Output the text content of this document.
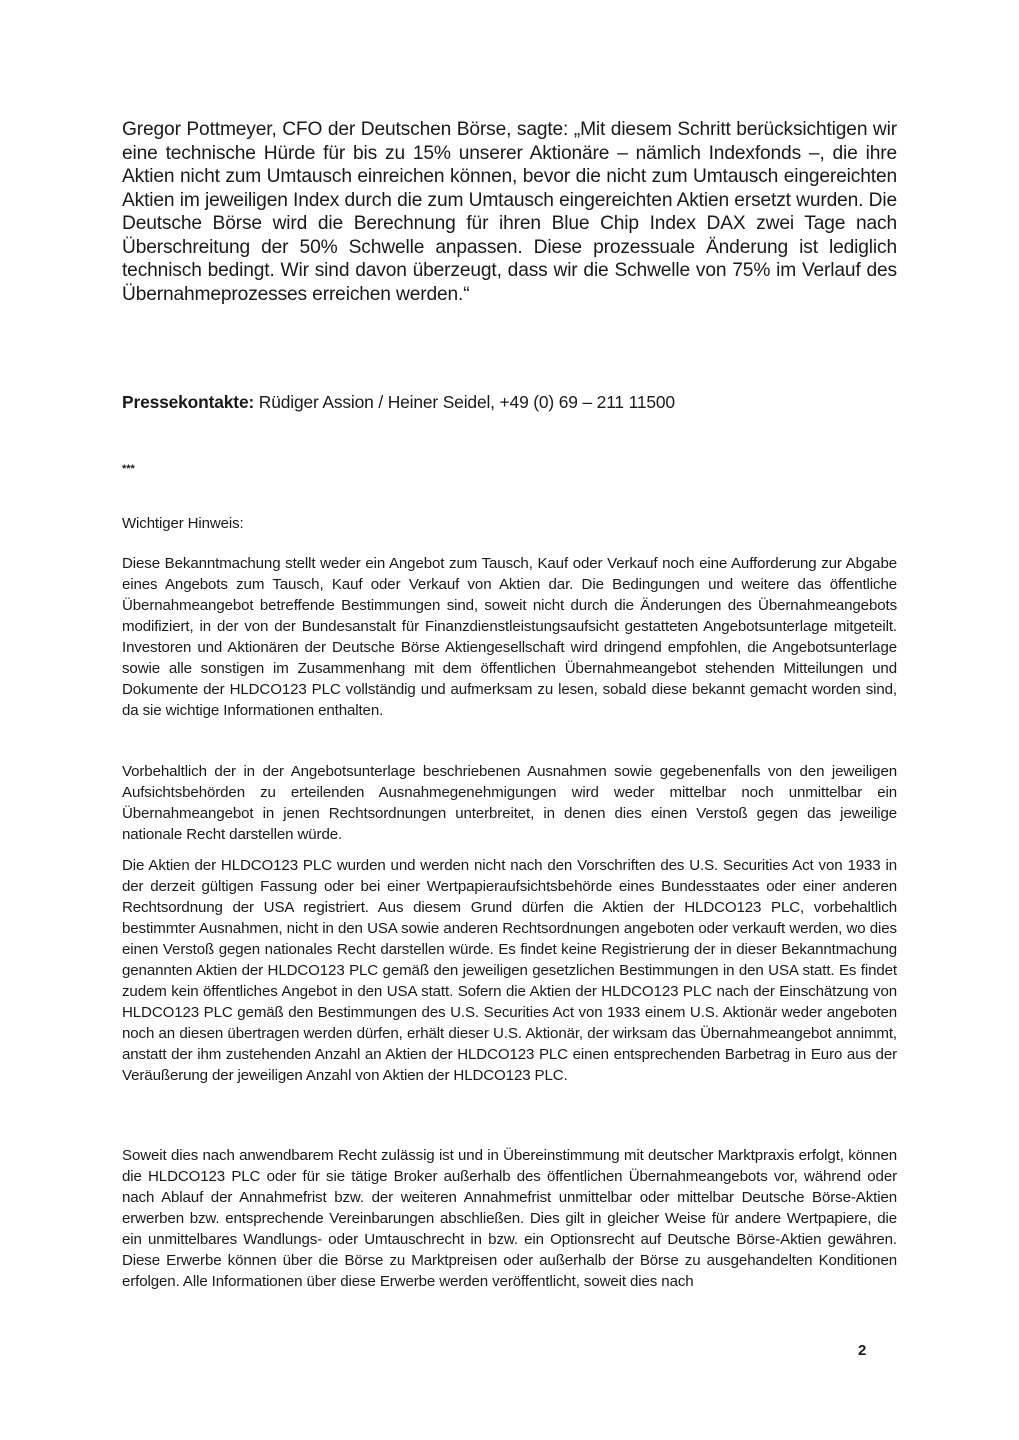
Gregor Pottmeyer, CFO der Deutschen Börse, sagte: „Mit diesem Schritt berücksichtigen wir eine technische Hürde für bis zu 15% unserer Aktionäre – nämlich Indexfonds –, die ihre Aktien nicht zum Umtausch einreichen können, bevor die nicht zum Umtausch eingereichten Aktien im jeweiligen Index durch die zum Umtausch eingereichten Aktien ersetzt wurden. Die Deutsche Börse wird die Berechnung für ihren Blue Chip Index DAX zwei Tage nach Überschreitung der 50% Schwelle anpassen. Diese prozessuale Änderung ist lediglich technisch bedingt. Wir sind davon überzeugt, dass wir die Schwelle von 75% im Verlauf des Übernahmeprozesses erreichen werden.“

Pressekontakte: Rüdiger Assion / Heiner Seidel, +49 (0) 69 – 211 11500
***
Wichtiger Hinweis:

Diese Bekanntmachung stellt weder ein Angebot zum Tausch, Kauf oder Verkauf noch eine Aufforderung zur Abgabe eines Angebots zum Tausch, Kauf oder Verkauf von Aktien dar. Die Bedingungen und weitere das öffentliche Übernahmeangebot betreffende Bestimmungen sind, soweit nicht durch die Änderungen des Übernahmeangebots modifiziert, in der von der Bundesanstalt für Finanzdienstleistungsaufsicht gestatteten Angebotsunterlage mitgeteilt. Investoren und Aktionären der Deutsche Börse Aktiengesellschaft wird dringend empfohlen, die Angebotsunterlage sowie alle sonstigen im Zusammenhang mit dem öffentlichen Übernahmeangebot stehenden Mitteilungen und Dokumente der HLDCO123 PLC vollständig und aufmerksam zu lesen, sobald diese bekannt gemacht worden sind, da sie wichtige Informationen enthalten.

Vorbehaltlich der in der Angebotsunterlage beschriebenen Ausnahmen sowie gegebenenfalls von den jeweiligen Aufsichtsbehörden zu erteilenden Ausnahmegenehmigungen wird weder mittelbar noch unmittelbar ein Übernahmeangebot in jenen Rechtsordnungen unterbreitet, in denen dies einen Verstoß gegen das jeweilige nationale Recht darstellen würde.

Die Aktien der HLDCO123 PLC wurden und werden nicht nach den Vorschriften des U.S. Securities Act von 1933 in der derzeit gültigen Fassung oder bei einer Wertpapieraufsichtsbehörde eines Bundesstaates oder einer anderen Rechtsordnung der USA registriert. Aus diesem Grund dürfen die Aktien der HLDCO123 PLC, vorbehaltlich bestimmter Ausnahmen, nicht in den USA sowie anderen Rechtsordnungen angeboten oder verkauft werden, wo dies einen Verstoß gegen nationales Recht darstellen würde. Es findet keine Registrierung der in dieser Bekanntmachung genannten Aktien der HLDCO123 PLC gemäß den jeweiligen gesetzlichen Bestimmungen in den USA statt. Es findet zudem kein öffentliches Angebot in den USA statt. Sofern die Aktien der HLDCO123 PLC nach der Einschätzung von HLDCO123 PLC gemäß den Bestimmungen des U.S. Securities Act von 1933 einem U.S. Aktionär weder angeboten noch an diesen übertragen werden dürfen, erhält dieser U.S. Aktionär, der wirksam das Übernahmeangebot annimmt, anstatt der ihm zustehenden Anzahl an Aktien der HLDCO123 PLC einen entsprechenden Barbetrag in Euro aus der Veräußerung der jeweiligen Anzahl von Aktien der HLDCO123 PLC.

Soweit dies nach anwendbarem Recht zulässig ist und in Übereinstimmung mit deutscher Marktpraxis erfolgt, können die HLDCO123 PLC oder für sie tätige Broker außerhalb des öffentlichen Übernahmeangebots vor, während oder nach Ablauf der Annahmefrist bzw. der weiteren Annahmefrist unmittelbar oder mittelbar Deutsche Börse-Aktien erwerben bzw. entsprechende Vereinbarungen abschließen. Dies gilt in gleicher Weise für andere Wertpapiere, die ein unmittelbares Wandlungs- oder Umtauschrecht in bzw. ein Optionsrecht auf Deutsche Börse-Aktien gewähren. Diese Erwerbe können über die Börse zu Marktpreisen oder außerhalb der Börse zu ausgehandelten Konditionen erfolgen. Alle Informationen über diese Erwerbe werden veröffentlicht, soweit dies nach

2
